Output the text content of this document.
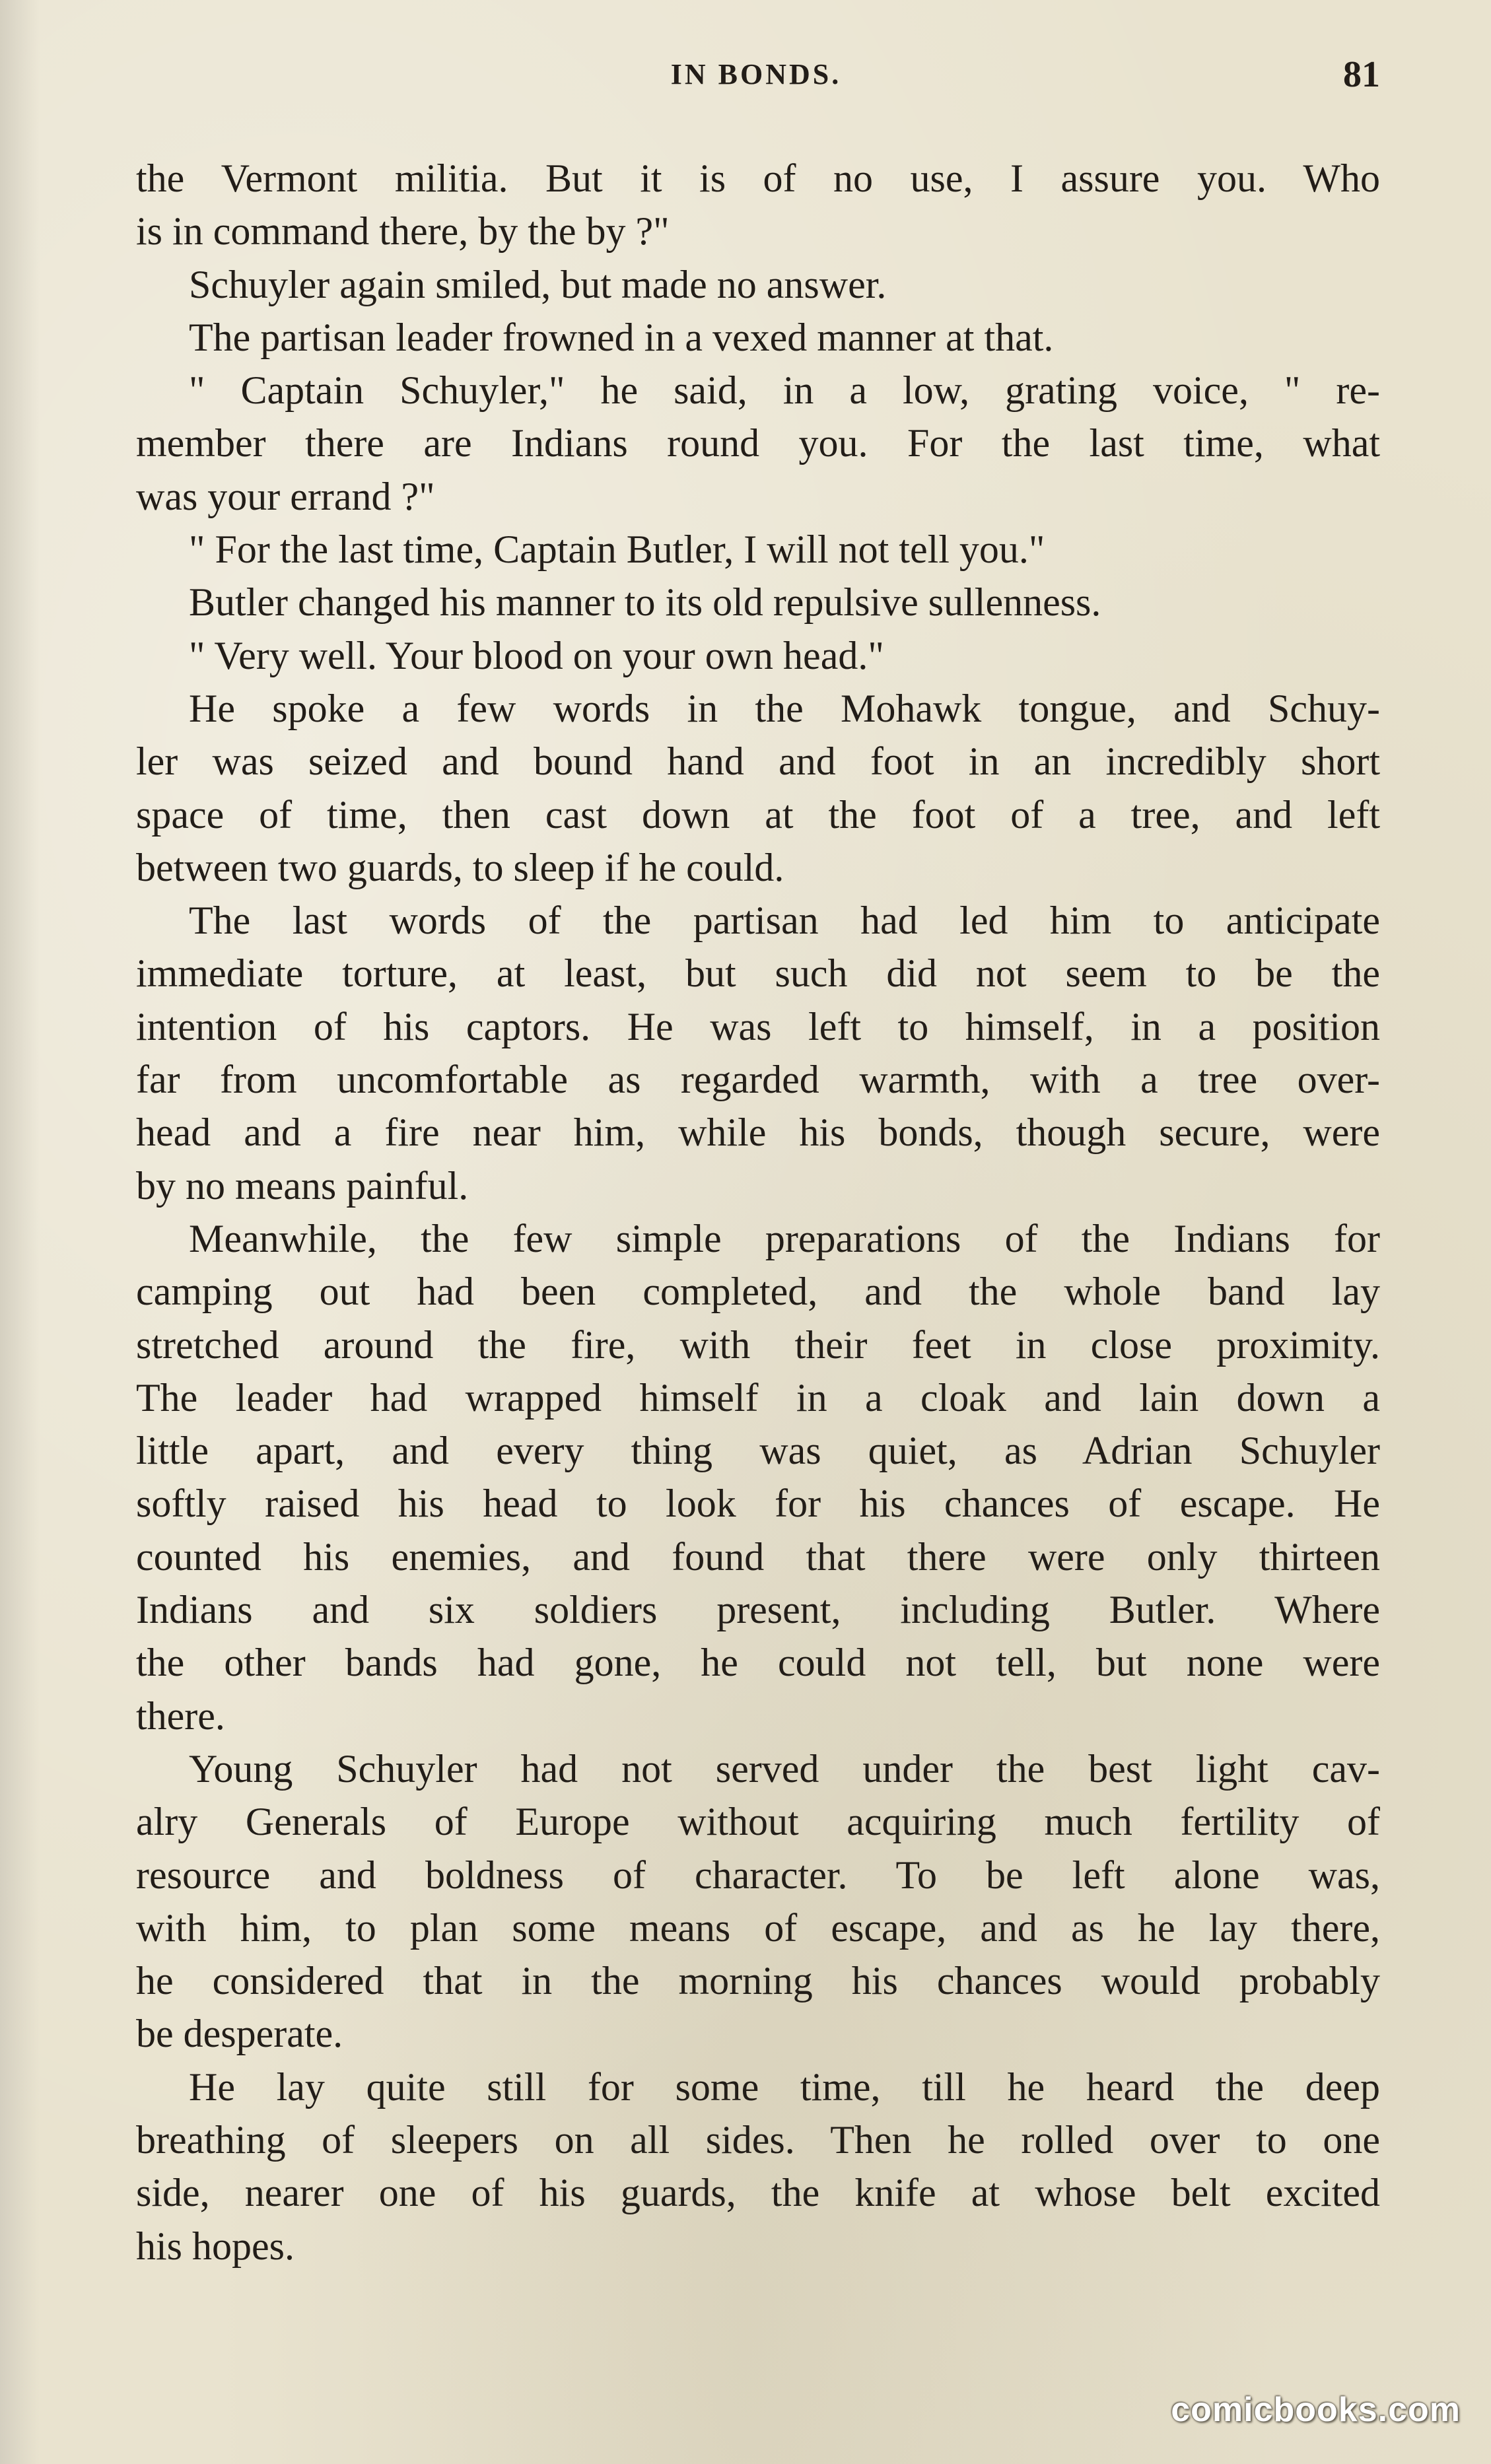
IN BONDS.	81
the Vermont militia. But it is of no use, I assure you. Who
is in command there, by the by ?"
Schuyler again smiled, but made no answer.
The partisan leader frowned in a vexed manner at that.
" Captain Schuyler," he said, in a low, grating voice, " re-
member there are Indians round you. For the last time, what
was your errand ?"
" For the last time, Captain Butler, I will not tell you."
Butler changed his manner to its old repulsive sullenness.
" Very well. Your blood on your own head."
He spoke a few words in the Mohawk tongue, and Schuy-
ler was seized and bound hand and foot in an incredibly short
space of time, then cast down at the foot of a tree, and left
between two guards, to sleep if he could.
The last words of the partisan had led him to anticipate
immediate torture, at least, but such did not seem to be the
intention of his captors. He was left to himself, in a position
far from uncomfortable as regarded warmth, with a tree over-
head and a fire near him, while his bonds, though secure, were
by no means painful.
Meanwhile, the few simple preparations of the Indians for
camping out had been completed, and the whole band lay
stretched around the fire, with their feet in close proximity.
The leader had wrapped himself in a cloak and lain down a
little apart, and every thing was quiet, as Adrian Schuyler
softly raised his head to look for his chances of escape. He
counted his enemies, and found that there were only thirteen
Indians and six soldiers present, including Butler. Where
the other bands had gone, he could not tell, but none were
there.
Young Schuyler had not served under the best light cav-
alry Generals of Europe without acquiring much fertility of
resource and boldness of character. To be left alone was,
with him, to plan some means of escape, and as he lay there,
he considered that in the morning his chances would probably
be desperate.
He lay quite still for some time, till he heard the deep
breathing of sleepers on all sides. Then he rolled over to one
side, nearer one of his guards, the knife at whose belt excited
his hopes.
comicbooks.com
